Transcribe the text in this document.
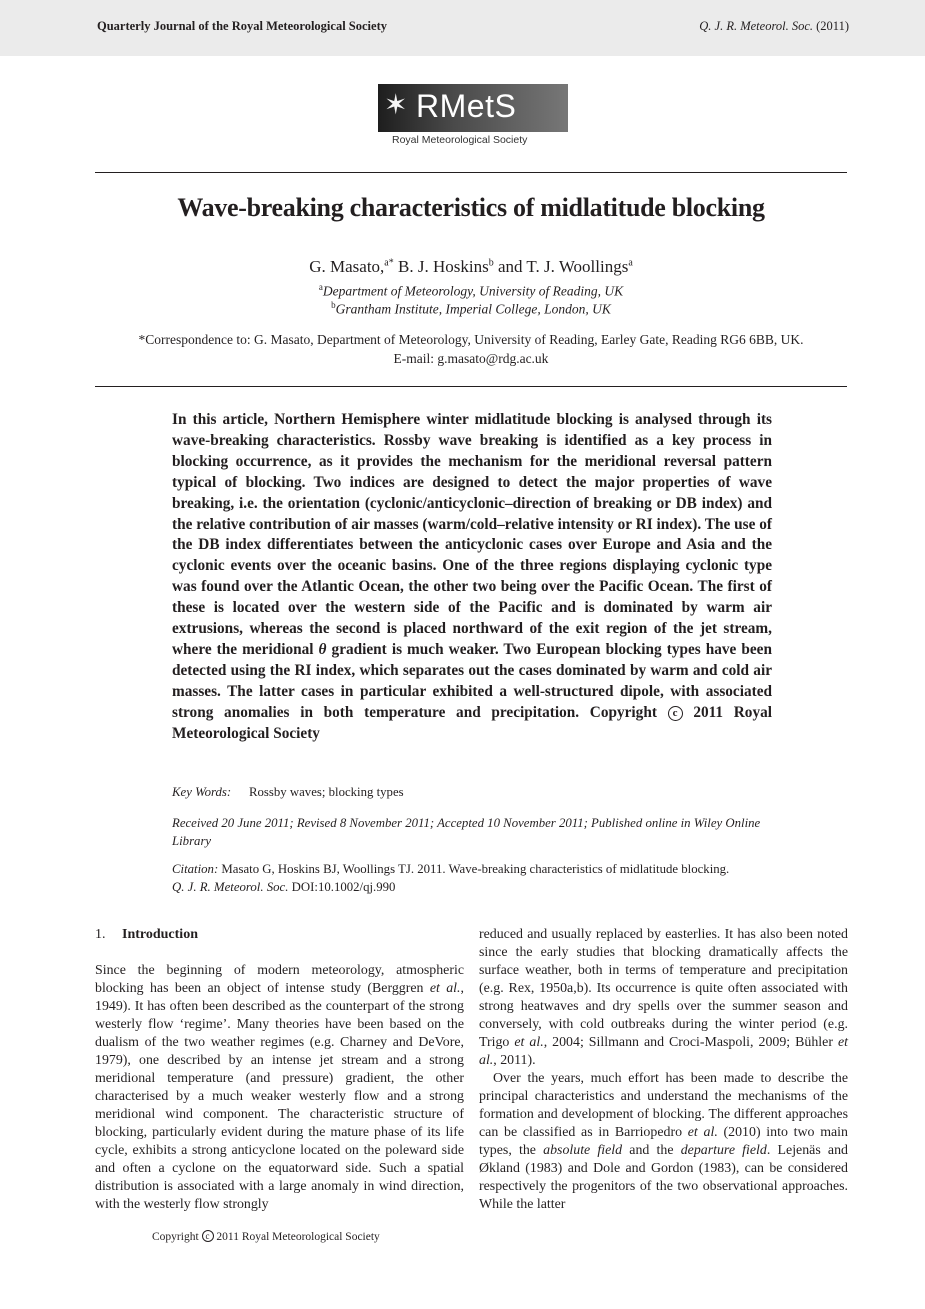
Quarterly Journal of the Royal Meteorological Society	Q. J. R. Meteorol. Soc. (2011)
✶ RMetS
Royal Meteorological Society
Wave-breaking characteristics of midlatitude blocking
G. Masato,$^{a*}$ B. J. Hoskins$^b$ and T. J. Woollings$^a$
$^a$Department of Meteorology, University of Reading, UK
$^b$Grantham Institute, Imperial College, London, UK
*Correspondence to: G. Masato, Department of Meteorology, University of Reading, Earley Gate, Reading RG6 6BB, UK.
E-mail: g.masato@rdg.ac.uk
In this article, Northern Hemisphere winter midlatitude blocking is analysed through its wave-breaking characteristics. Rossby wave breaking is identified as a key process in blocking occurrence, as it provides the mechanism for the meridional reversal pattern typical of blocking. Two indices are designed to detect the major properties of wave breaking, i.e. the orientation (cyclonic/anticyclonic–direction of breaking or DB index) and the relative contribution of air masses (warm/cold–relative intensity or RI index). The use of the DB index differentiates between the anticyclonic cases over Europe and Asia and the cyclonic events over the oceanic basins. One of the three regions displaying cyclonic type was found over the Atlantic Ocean, the other two being over the Pacific Ocean. The first of these is located over the western side of the Pacific and is dominated by warm air extrusions, whereas the second is placed northward of the exit region of the jet stream, where the meridional θ gradient is much weaker. Two European blocking types have been detected using the RI index, which separates out the cases dominated by warm and cold air masses. The latter cases in particular exhibited a well-structured dipole, with associated strong anomalies in both temperature and precipitation. Copyright c 2011 Royal Meteorological Society
Key Words: Rossby waves; blocking types
Received 20 June 2011; Revised 8 November 2011; Accepted 10 November 2011; Published online in Wiley Online Library
Citation: Masato G, Hoskins BJ, Woollings TJ. 2011. Wave-breaking characteristics of midlatitude blocking.
Q. J. R. Meteorol. Soc. DOI:10.1002/qj.990
1. Introduction

Since the beginning of modern meteorology, atmospheric blocking has been an object of intense study (Berggren et al., 1949). It has often been described as the counterpart of the strong westerly flow ‘regime’. Many theories have been based on the dualism of the two weather regimes (e.g. Charney and DeVore, 1979), one described by an intense jet stream and a strong meridional temperature (and pressure) gradient, the other characterised by a much weaker westerly flow and a strong meridional wind component. The characteristic structure of blocking, particularly evident during the mature phase of its life cycle, exhibits a strong anticyclone located on the poleward side and often a cyclone on the equatorward side. Such a spatial distribution is associated with a large anomaly in wind direction, with the westerly flow strongly

reduced and usually replaced by easterlies. It has also been noted since the early studies that blocking dramatically affects the surface weather, both in terms of temperature and precipitation (e.g. Rex, 1950a,b). Its occurrence is quite often associated with strong heatwaves and dry spells over the summer season and conversely, with cold outbreaks during the winter period (e.g. Trigo et al., 2004; Sillmann and Croci-Maspoli, 2009; Bühler et al., 2011).

Over the years, much effort has been made to describe the principal characteristics and understand the mechanisms of the formation and development of blocking. The different approaches can be classified as in Barriopedro et al. (2010) into two main types, the absolute field and the departure field. Lejenäs and Økland (1983) and Dole and Gordon (1983), can be considered respectively the progenitors of the two observational approaches. While the latter

Copyright c 2011 Royal Meteorological Society
